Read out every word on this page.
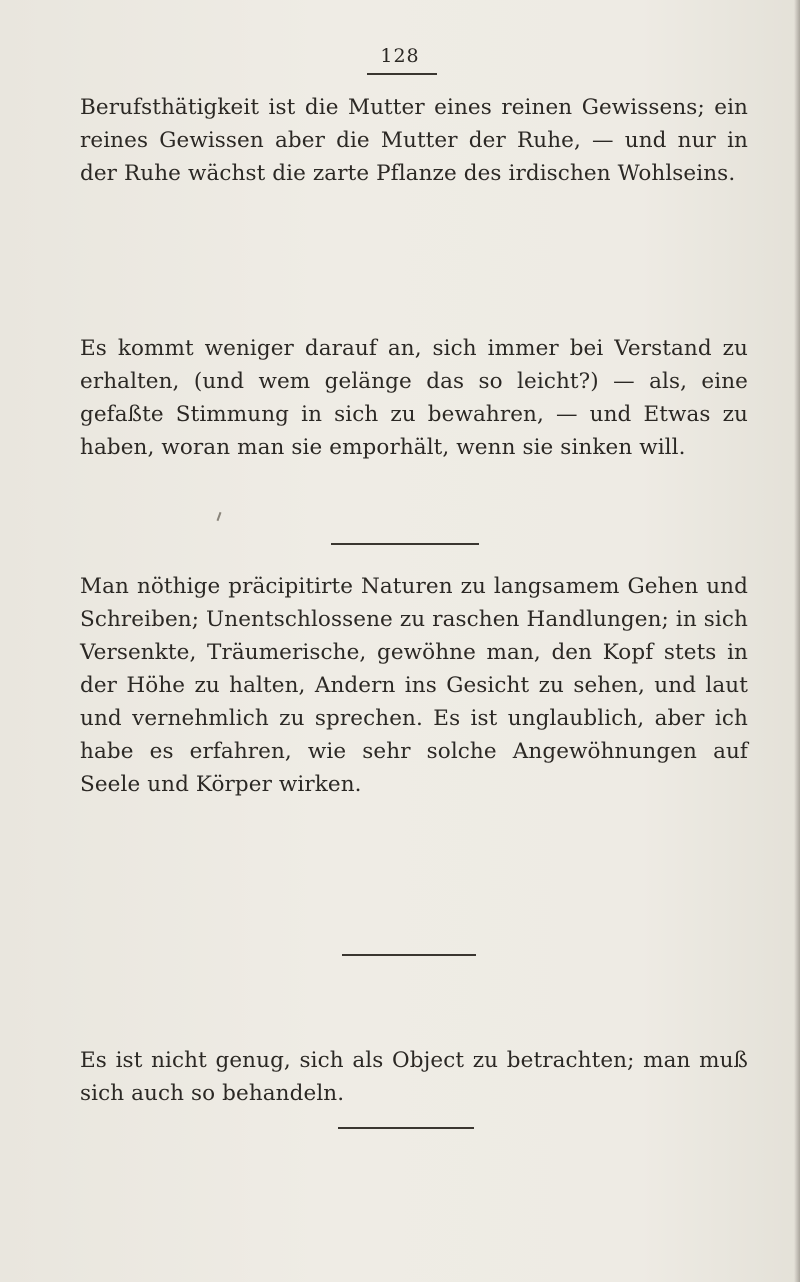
128

Berufsthätigkeit ist die Mutter eines reinen Gewissens; ein reines Gewissen aber die Mutter der Ruhe, — und nur in der Ruhe wächst die zarte Pflanze des irdischen Wohlseins.

Es kommt weniger darauf an, sich immer bei Verstand zu erhalten, (und wem gelänge das so leicht?) — als, eine gefaßte Stimmung in sich zu bewahren, — und Etwas zu haben, woran man sie emporhält, wenn sie sinken will.

Man nöthige präcipitirte Naturen zu langsamem Gehen und Schreiben; Unentschlossene zu raschen Handlungen; in sich Versenkte, Träumerische, gewöhne man, den Kopf stets in der Höhe zu halten, Andern ins Gesicht zu sehen, und laut und vernehmlich zu sprechen. Es ist unglaublich, aber ich habe es erfahren, wie sehr solche Angewöhnungen auf Seele und Körper wirken.

Es ist nicht genug, sich als Object zu betrachten; man muß sich auch so behandeln.
